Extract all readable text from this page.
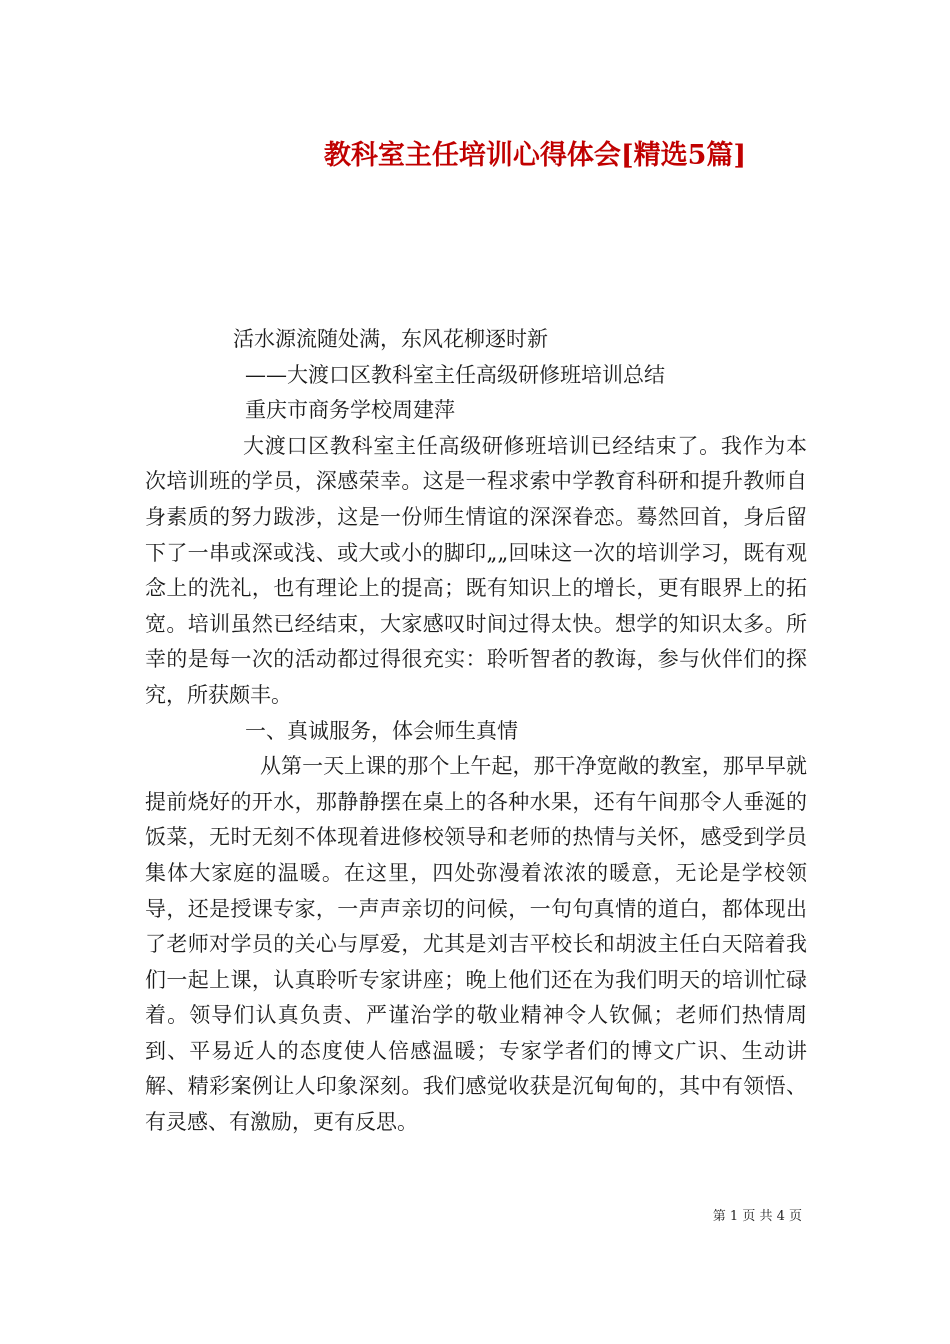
教科室主任培训心得体会[精选5篇]

活水源流随处满，东风花柳逐时新

——大渡口区教科室主任高级研修班培训总结

重庆市商务学校周建萍

大渡口区教科室主任高级研修班培训已经结束了。我作为本次培训班的学员，深感荣幸。这是一程求索中学教育科研和提升教师自身素质的努力跋涉，这是一份师生情谊的深深眷恋。蓦然回首，身后留下了一串或深或浅、或大或小的脚印„„回味这一次的培训学习，既有观念上的洗礼，也有理论上的提高；既有知识上的增长，更有眼界上的拓宽。培训虽然已经结束，大家感叹时间过得太快。想学的知识太多。所幸的是每一次的活动都过得很充实：聆听智者的教诲，参与伙伴们的探究，所获颇丰。

一、真诚服务，体会师生真情

从第一天上课的那个上午起，那干净宽敞的教室，那早早就提前烧好的开水，那静静摆在桌上的各种水果，还有午间那令人垂涎的饭菜，无时无刻不体现着进修校领导和老师的热情与关怀，感受到学员集体大家庭的温暖。在这里，四处弥漫着浓浓的暖意，无论是学校领导，还是授课专家，一声声亲切的问候，一句句真情的道白，都体现出了老师对学员的关心与厚爱，尤其是刘吉平校长和胡波主任白天陪着我们一起上课，认真聆听专家讲座；晚上他们还在为我们明天的培训忙碌着。领导们认真负责、严谨治学的敬业精神令人钦佩；老师们热情周到、平易近人的态度使人倍感温暖；专家学者们的博文广识、生动讲解、精彩案例让人印象深刻。我们感觉收获是沉甸甸的，其中有领悟、有灵感、有激励，更有反思。

第 1 页 共 4 页
